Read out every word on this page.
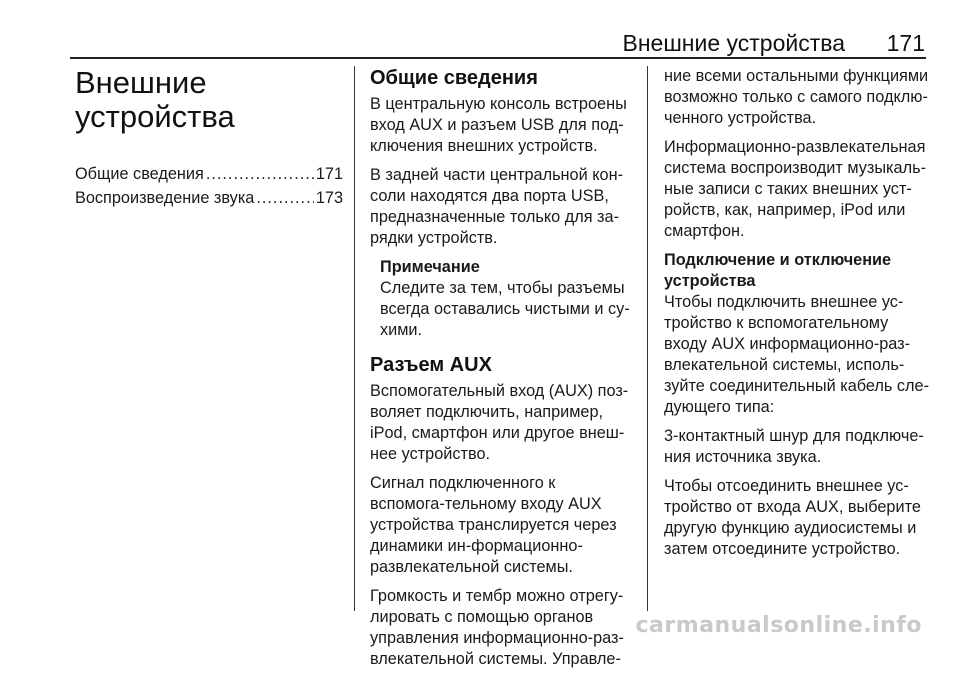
Внешние устройства 171
Внешние
устройства
Общие сведения .....	171
Воспроизведение звука .....	173
Общие сведения

В центральную консоль встроены вход AUX и разъем USB для под-ключения внешних устройств.

В задней части центральной кон-соли находятся два порта USB, предназначенные только для за-рядки устройств.

Примечание

Следите за тем, чтобы разъемы всегда оставались чистыми и су-хими.

Разъем AUX

Вспомогательный вход (AUX) поз-воляет подключить, например, iPod, смартфон или другое внеш-нее устройство.

Сигнал подключенного к вспомога-тельному входу AUX устройства транслируется через динамики ин-формационно-развлекательной системы.

Громкость и тембр можно отрегу-лировать с помощью органов управления информационно-раз-влекательной системы. Управле-

ние всеми остальными функциями возможно только с самого подклю-ченного устройства.

Информационно-развлекательная система воспроизводит музыкаль-ные записи с таких внешних уст-ройств, как, например, iPod или смартфон.

Подключение и отключение устройства

Чтобы подключить внешнее ус-тройство к вспомогательному входу AUX информационно-раз-влекательной системы, исполь-зуйте соединительный кабель сле-дующего типа:

3-контактный шнур для подключе-ния источника звука.

Чтобы отсоединить внешнее ус-тройство от входа AUX, выберите другую функцию аудиосистемы и затем отсоедините устройство.

carmanualsonline.info
